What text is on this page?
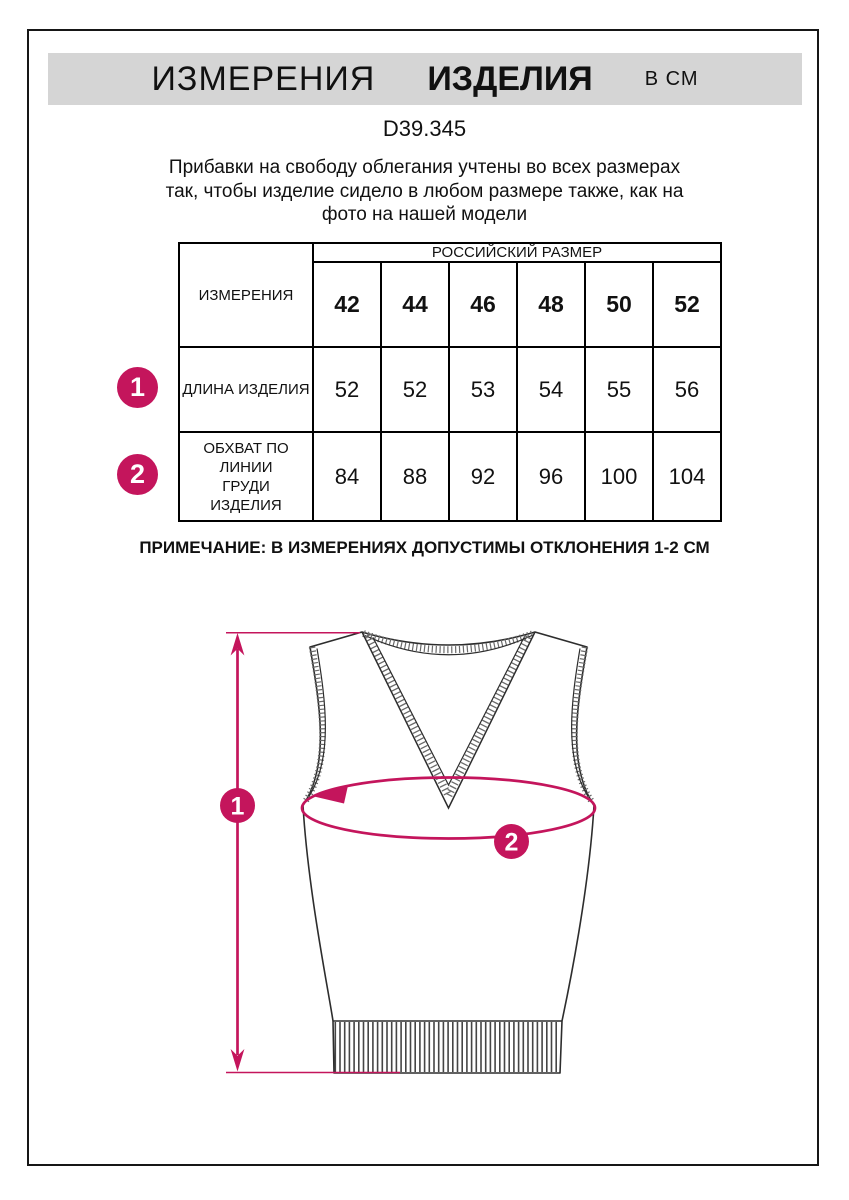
ИЗМЕРЕНИЯ ИЗДЕЛИЯ	В СМ
D39.345
Прибавки на свободу облегания учтены во всех размерах
так, чтобы изделие сидело в любом размере также, как на
фото на нашей модели
ИЗМЕРЕНИЯ	РОССИЙСКИЙ РАЗМЕР					
	42	44	46	48	50	52
ДЛИНА ИЗДЕЛИЯ	52	52	53	54	55	56
ОБХВАТ ПО ЛИНИИ ГРУДИ ИЗДЕЛИЯ	84	88	92	96	100	104
1
2
ПРИМЕЧАНИЕ: В ИЗМЕРЕНИЯХ ДОПУСТИМЫ ОТКЛОНЕНИЯ 1-2 СМ
1
2
